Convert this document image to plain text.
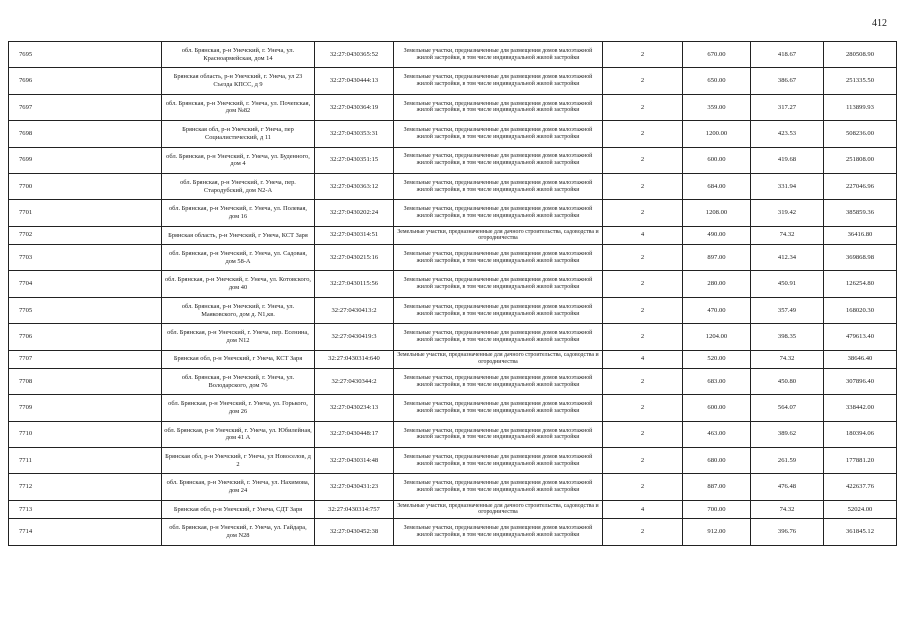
412
7695	обл. Брянская, р-н Унечский, г. Унеча, ул. Красноармейская, дом 14	32:27:0430365:52	Земельные участки, предназначенные для размещения домов малоэтажной жилой застройки, в том числе индивидуальной жилой застройки	2	670.00	418.67	280508.90
7696	Брянская область, р-н Унечский, г. Унеча, ул 23 Съезда КПСС, д 9	32:27:0430444:13	Земельные участки, предназначенные для размещения домов малоэтажной жилой застройки, в том числе индивидуальной жилой застройки	2	650.00	386.67	251335.50
7697	обл. Брянская, р-н Унечский, г. Унеча, ул. Почепская, дом №82	32:27:0430364:19	Земельные участки, предназначенные для размещения домов малоэтажной жилой застройки, в том числе индивидуальной жилой застройки	2	359.00	317.27	113899.93
7698	Брянская обл, р-н Унечский, г Унеча, пер Социалистический, д 11	32:27:0430353:31	Земельные участки, предназначенные для размещения домов малоэтажной жилой застройки, в том числе индивидуальной жилой застройки	2	1200.00	423.53	508236.00
7699	обл. Брянская, р-н Унечский, г. Унеча, ул. Буденного, дом 4	32:27:0430351:15	Земельные участки, предназначенные для размещения домов малоэтажной жилой застройки, в том числе индивидуальной жилой застройки	2	600.00	419.68	251808.00
7700	обл. Брянская, р-н Унечский, г. Унеча, пер. Стародубский, дом N2-А	32:27:0430363:12	Земельные участки, предназначенные для размещения домов малоэтажной жилой застройки, в том числе индивидуальной жилой застройки	2	684.00	331.94	227046.96
7701	обл. Брянская, р-н Унечский, г. Унеча, ул. Полевая, дом 16	32:27:0430202:24	Земельные участки, предназначенные для размещения домов малоэтажной жилой застройки, в том числе индивидуальной жилой застройки	2	1208.00	319.42	385859.36
7702	Брянская область, р-н Унечский, г Унеча, КСТ Заря	32:27:0430314:51	Земельные участки, предназначенные для дачного строительства, садоводства и огородничества	4	490.00	74.32	36416.80
7703	обл. Брянская, р-н Унечский, г. Унеча, ул. Садовая, дом 58-А	32:27:0430215:16	Земельные участки, предназначенные для размещения домов малоэтажной жилой застройки, в том числе индивидуальной жилой застройки	2	897.00	412.34	369868.98
7704	обл. Брянская, р-н Унечский, г. Унеча, ул. Котовского, дом 40	32:27:0430115:56	Земельные участки, предназначенные для размещения домов малоэтажной жилой застройки, в том числе индивидуальной жилой застройки	2	280.00	450.91	126254.80
7705	обл. Брянская, р-н Унечский, г. Унеча, ул. Маяковского, дом д. N1,кв.	32:27:0430413:2	Земельные участки, предназначенные для размещения домов малоэтажной жилой застройки, в том числе индивидуальной жилой застройки	2	470.00	357.49	168020.30
7706	обл. Брянская, р-н Унечский, г. Унеча, пер. Есенина, дом N12	32:27:0430419:3	Земельные участки, предназначенные для размещения домов малоэтажной жилой застройки, в том числе индивидуальной жилой застройки	2	1204.00	398.35	479613.40
7707	Брянская обл, р-н Унечский, г Унеча, КСТ Заря	32:27:0430314:640	Земельные участки, предназначенные для дачного строительства, садоводства и огородничества	4	520.00	74.32	38646.40
7708	обл. Брянская, р-н Унечский, г. Унеча, ул. Володарского, дом 76	32:27:0430344:2	Земельные участки, предназначенные для размещения домов малоэтажной жилой застройки, в том числе индивидуальной жилой застройки	2	683.00	450.80	307896.40
7709	обл. Брянская, р-н Унечский, г. Унеча, ул. Горького, дом 26	32:27:0430234:13	Земельные участки, предназначенные для размещения домов малоэтажной жилой застройки, в том числе индивидуальной жилой застройки	2	600.00	564.07	338442.00
7710	обл. Брянская, р-н Унечский, г. Унеча, ул. Юбилейная, дом 41 А	32:27:0430448:17	Земельные участки, предназначенные для размещения домов малоэтажной жилой застройки, в том числе индивидуальной жилой застройки	2	463.00	389.62	180394.06
7711	Брянская обл, р-н Унечский, г Унеча, ул Новоселов, д 2	32:27:0430314:48	Земельные участки, предназначенные для размещения домов малоэтажной жилой застройки, в том числе индивидуальной жилой застройки	2	680.00	261.59	177881.20
7712	обл. Брянская, р-н Унечский, г. Унеча, ул. Нахимова, дом 24	32:27:0430431:23	Земельные участки, предназначенные для размещения домов малоэтажной жилой застройки, в том числе индивидуальной жилой застройки	2	887.00	476.48	422637.76
7713	Брянская обл, р-н Унечский, г Унеча, СДТ Заря	32:27:0430314:757	Земельные участки, предназначенные для дачного строительства, садоводства и огородничества	4	700.00	74.32	52024.00
7714	обл. Брянская, р-н Унечский, г. Унеча, ул. Гайдара, дом N28	32:27:0430452:38	Земельные участки, предназначенные для размещения домов малоэтажной жилой застройки, в том числе индивидуальной жилой застройки	2	912.00	396.76	361845.12
